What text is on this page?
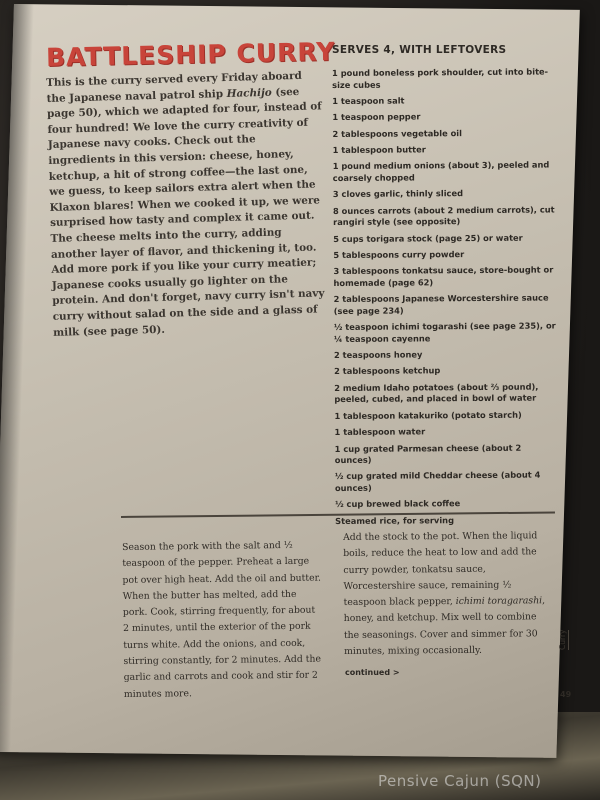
BATTLESHIP CURRY
This is the curry served every Friday aboard the Japanese naval patrol ship Hachijo (see page 50), which we adapted for four, instead of four hundred! We love the curry creativity of Japanese navy cooks. Check out the ingredients in this version: cheese, honey, ketchup, a hit of strong coffee—the last one, we guess, to keep sailors extra alert when the Klaxon blares! When we cooked it up, we were surprised how tasty and complex it came out. The cheese melts into the curry, adding another layer of flavor, and thickening it, too. Add more pork if you like your curry meatier; Japanese cooks usually go lighter on the protein. And don't forget, navy curry isn't navy curry without salad on the side and a glass of milk (see page 50).
SERVES 4, WITH LEFTOVERS
1 pound boneless pork shoulder, cut into bite-size cubes
1 teaspoon salt
1 teaspoon pepper
2 tablespoons vegetable oil
1 tablespoon butter
1 pound medium onions (about 3), peeled and coarsely chopped
3 cloves garlic, thinly sliced
8 ounces carrots (about 2 medium carrots), cut rangiri style (see opposite)
5 cups torigara stock (page 25) or water
5 tablespoons curry powder
3 tablespoons tonkatsu sauce, store-bought or homemade (page 62)
2 tablespoons Japanese Worcestershire sauce (see page 234)
½ teaspoon ichimi togarashi (see page 235), or ¼ teaspoon cayenne
2 teaspoons honey
2 tablespoons ketchup
2 medium Idaho potatoes (about ⅔ pound), peeled, cubed, and placed in bowl of water
1 tablespoon katakuriko (potato starch)
1 tablespoon water
1 cup grated Parmesan cheese (about 2 ounces)
½ cup grated mild Cheddar cheese (about 4 ounces)
½ cup brewed black coffee
Steamed rice, for serving
Season the pork with the salt and ½ teaspoon of the pepper. Preheat a large pot over high heat. Add the oil and butter. When the butter has melted, add the pork. Cook, stirring frequently, for about 2 minutes, until the exterior of the pork turns white. Add the onions, and cook, stirring constantly, for 2 minutes. Add the garlic and carrots and cook and stir for 2 minutes more.
Add the stock to the pot. When the liquid boils, reduce the heat to low and add the curry powder, tonkatsu sauce, Worcestershire sauce, remaining ½ teaspoon black pepper, ichimi toragarashi, honey, and ketchup. Mix well to combine the seasonings. Cover and simmer for 30 minutes, mixing occasionally.
continued >
Curry
49
Pensive Cajun (SQN)
